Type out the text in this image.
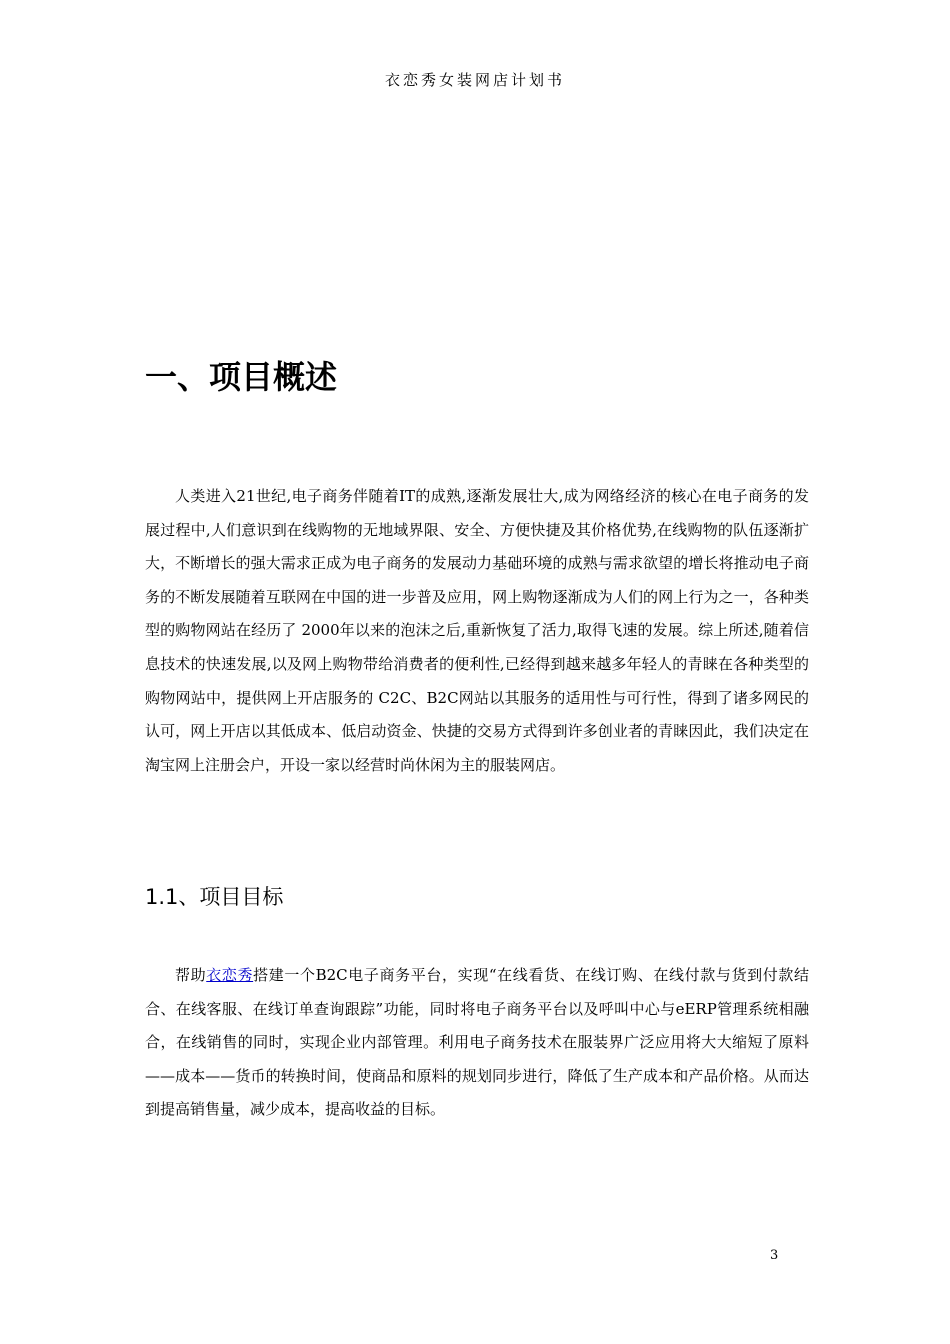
衣恋秀女装网店计划书
一、项目概述

人类进入21世纪,电子商务伴随着IT的成熟,逐渐发展壮大,成为网络经济的核心在电子商务的发展过程中,人们意识到在线购物的无地域界限、安全、方便快捷及其价格优势,在线购物的队伍逐渐扩大，不断增长的强大需求正成为电子商务的发展动力基础环境的成熟与需求欲望的增长将推动电子商务的不断发展随着互联网在中国的进一步普及应用，网上购物逐渐成为人们的网上行为之一，各种类型的购物网站在经历了 2000年以来的泡沫之后,重新恢复了活力,取得飞速的发展。综上所述,随着信息技术的快速发展,以及网上购物带给消费者的便利性,已经得到越来越多年轻人的青睐在各种类型的购物网站中，提供网上开店服务的 C2C、B2C网站以其服务的适用性与可行性，得到了诸多网民的认可，网上开店以其低成本、低启动资金、快捷的交易方式得到许多创业者的青睐因此，我们决定在淘宝网上注册会户，开设一家以经营时尚休闲为主的服装网店。

1.1、项目目标

帮助衣恋秀搭建一个B2C电子商务平台，实现“在线看货、在线订购、在线付款与货到付款结合、在线客服、在线订单查询跟踪”功能，同时将电子商务平台以及呼叫中心与eERP管理系统相融合，在线销售的同时，实现企业内部管理。利用电子商务技术在服装界广泛应用将大大缩短了原料——成本——货币的转换时间，使商品和原料的规划同步进行，降低了生产成本和产品价格。从而达到提高销售量，减少成本，提高收益的目标。

3
